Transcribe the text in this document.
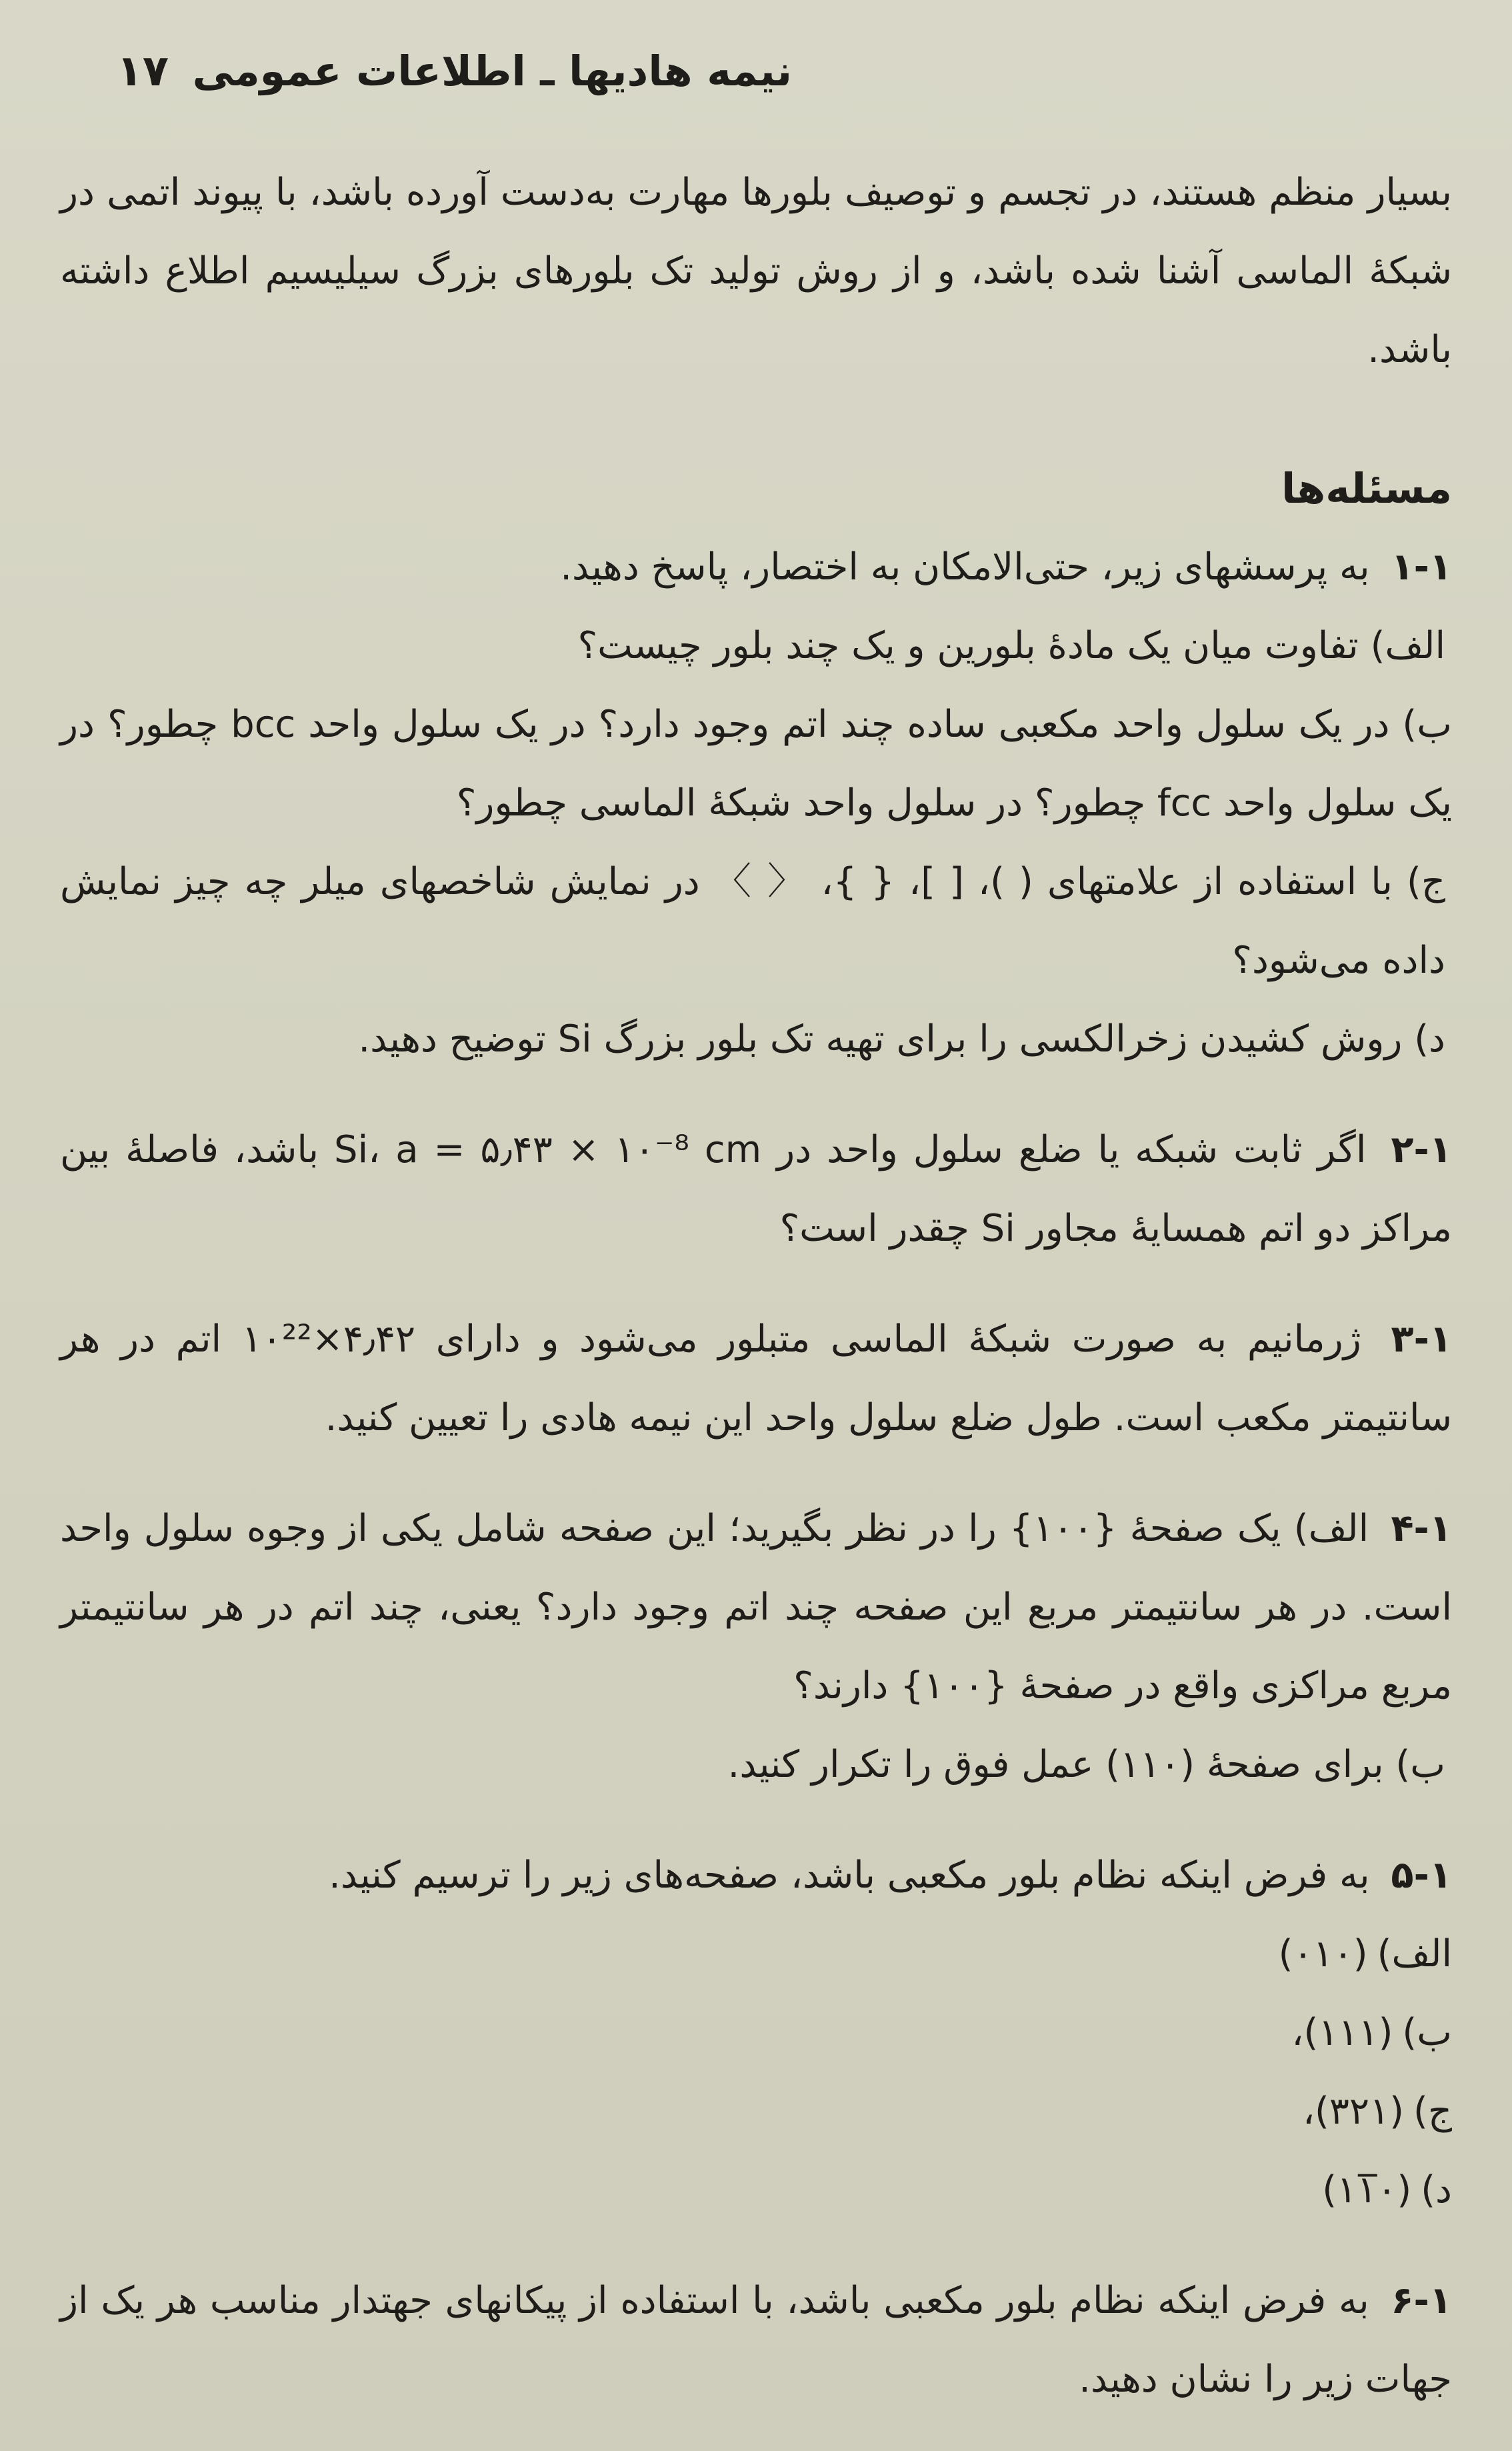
نیمه هادیها ـ اطلاعات عمومی ۱۷

بسیار منظم هستند، در تجسم و توصیف بلورها مهارت به‌دست آورده باشد، با پیوند اتمی در شبکهٔ الماسی آشنا شده باشد، و از روش تولید تک بلورهای بزرگ سیلیسیم اطلاع داشته باشد.

مسئله‌ها

۱-۱ به پرسشهای زیر، حتی‌الامکان به اختصار، پاسخ دهید.

الف) تفاوت میان یک مادهٔ بلورین و یک چند بلور چیست؟

ب) در یک سلول واحد مکعبی ساده چند اتم وجود دارد؟ در یک سلول واحد bcc چطور؟ در یک سلول واحد fcc چطور؟ در سلول واحد شبکهٔ الماسی چطور؟

ج) با استفاده از علامتهای ( )، [ ]، { }، 〈 〉 در نمایش شاخصهای میلر چه چیز نمایش داده می‌شود؟

د) روش کشیدن زخرالکسی را برای تهیه تک بلور بزرگ Si توضیح دهید.

۲-۱ اگر ثابت شبکه یا ضلع سلول واحد در Si، a = ۵٫۴۳ × ۱۰⁻⁸ cm باشد، فاصلهٔ بین مراکز دو اتم همسایهٔ مجاور Si چقدر است؟

۳-۱ ژرمانیم به صورت شبکهٔ الماسی متبلور می‌شود و دارای ۴٫۴۲×۱۰²² اتم در هر سانتیمتر مکعب است. طول ضلع سلول واحد این نیمه هادی را تعیین کنید.

۴-۱ الف) یک صفحهٔ {۱۰۰} را در نظر بگیرید؛ این صفحه شامل یکی از وجوه سلول واحد است. در هر سانتیمتر مربع این صفحه چند اتم وجود دارد؟ یعنی، چند اتم در هر سانتیمتر مربع مراکزی واقع در صفحهٔ {۱۰۰} دارند؟

ب) برای صفحهٔ (۱۱۰) عمل فوق را تکرار کنید.

۵-۱ به فرض اینکه نظام بلور مکعبی باشد، صفحه‌های زیر را ترسیم کنید.

الف)(۰۱۰)
ب)(۱۱۱)،
ج)(۳۲۱)،
د)(۱۱̅۰)

۶-۱ به فرض اینکه نظام بلور مکعبی باشد، با استفاده از پیکانهای جهتدار مناسب هر یک از جهات زیر را نشان دهید.
